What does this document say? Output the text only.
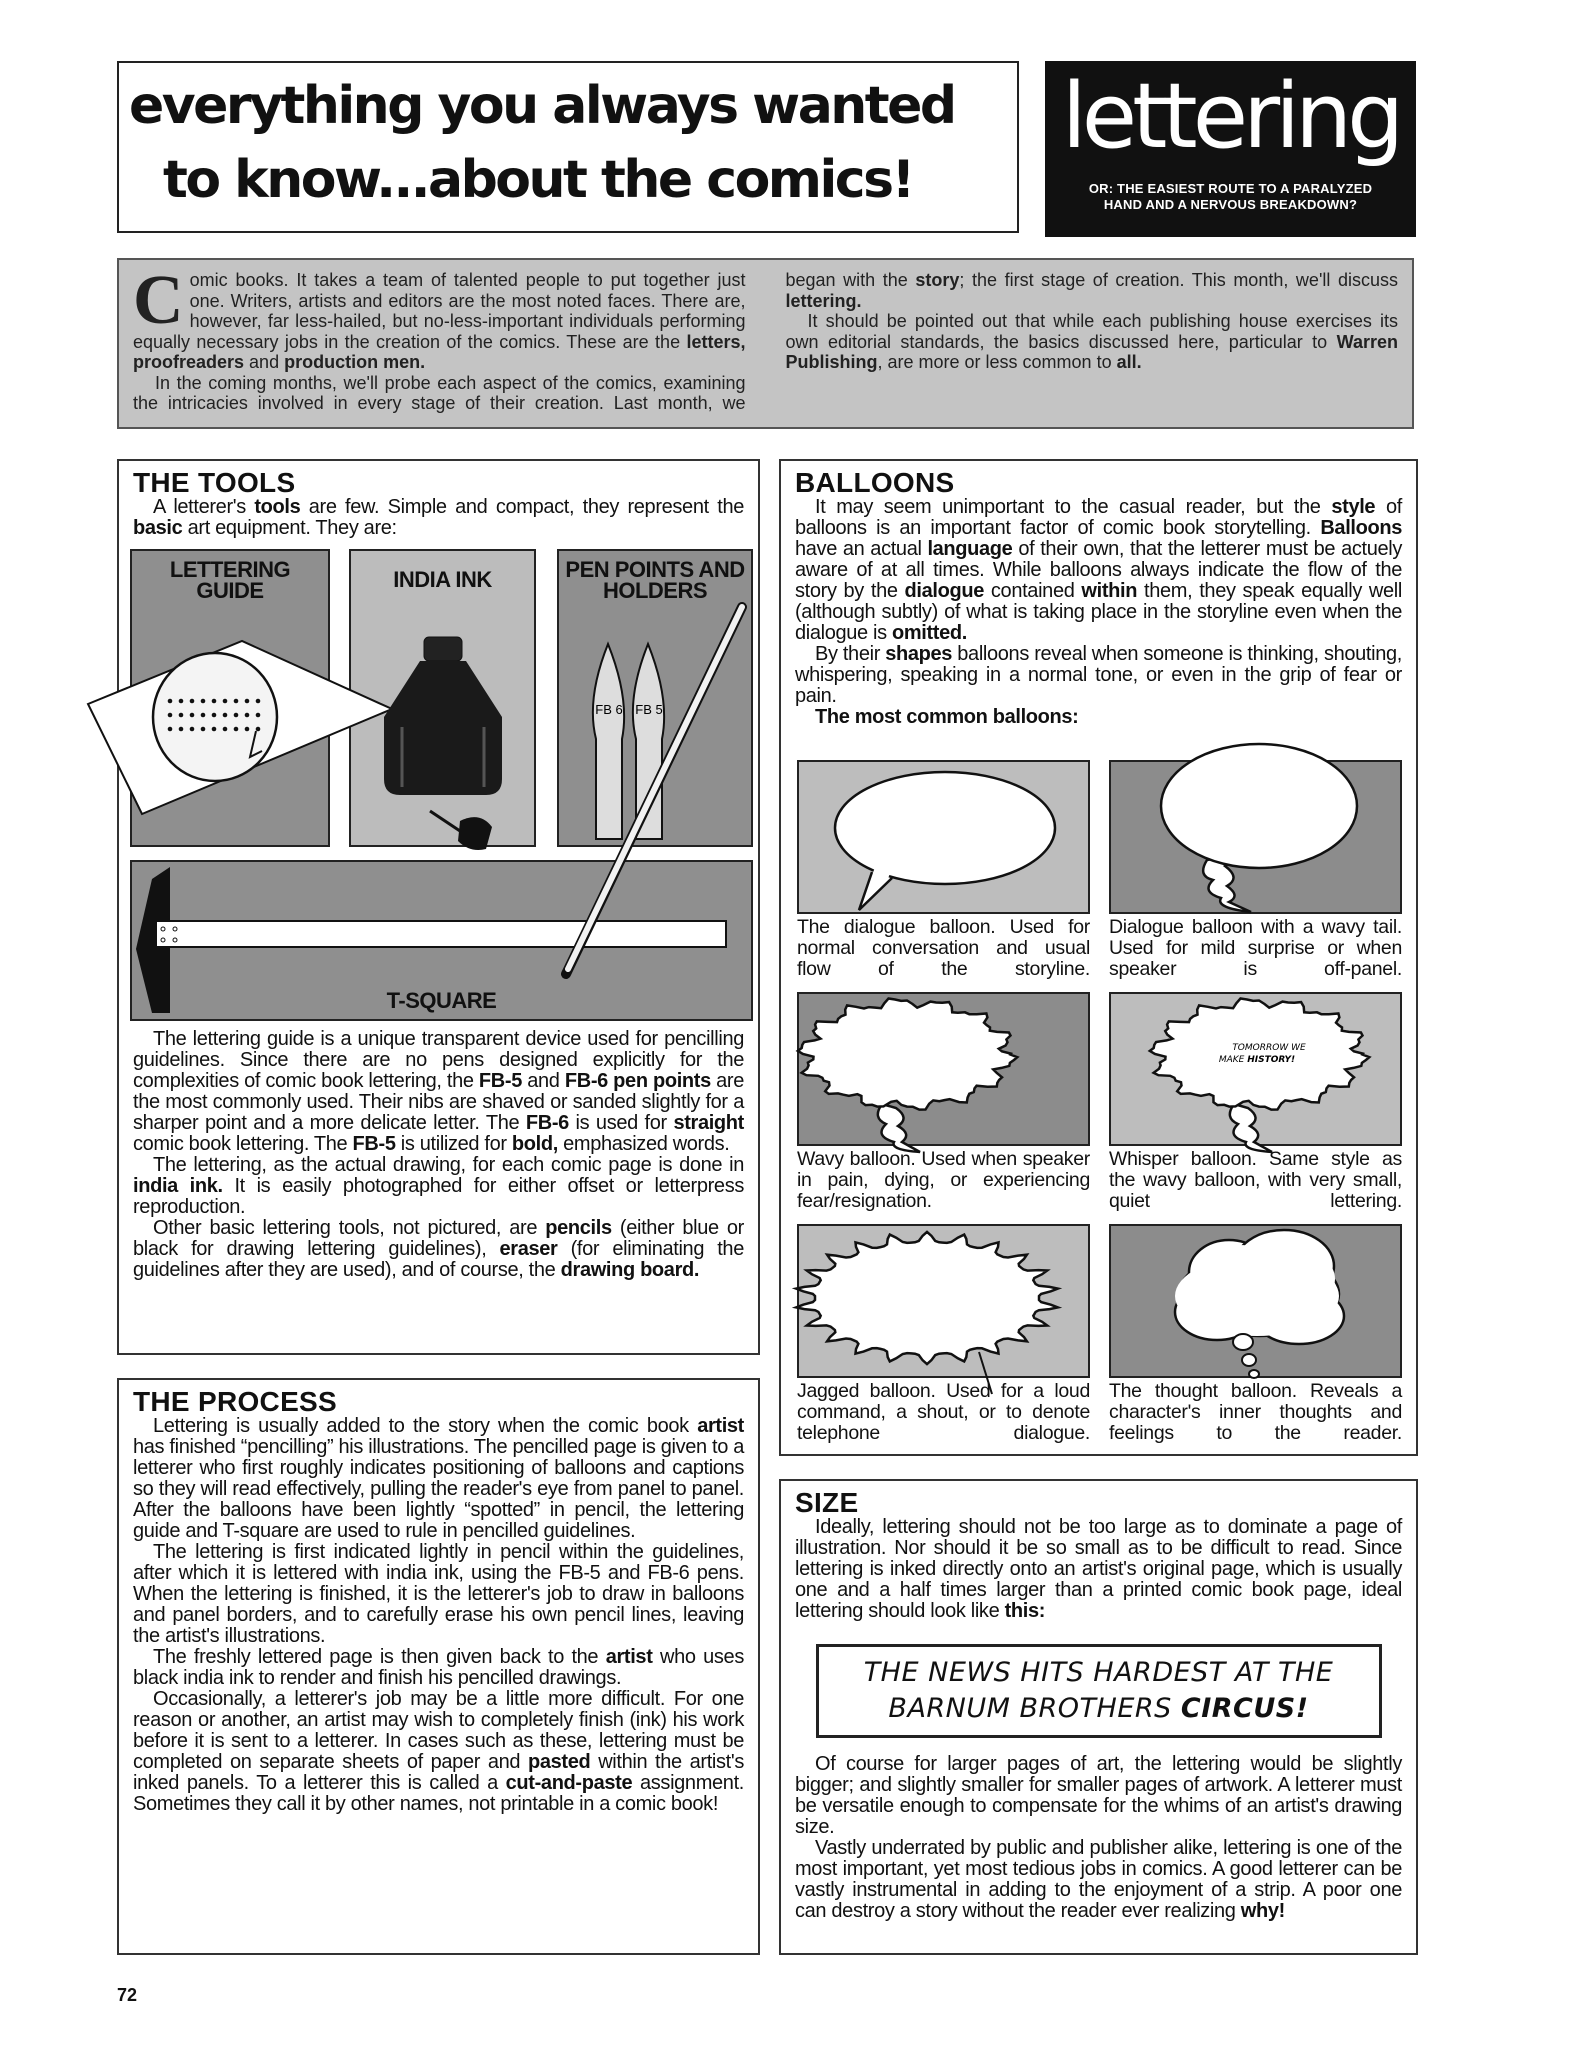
everything you always wanted
to know...about the comics!
lettering
OR: THE EASIEST ROUTE TO A PARALYZED
HAND AND A NERVOUS BREAKDOWN?
C omic books. It takes a team of talented people to put together just one. Writers, artists and editors are the most noted faces. There are, however, far less-hailed, but no-less-important individuals performing equally necessary jobs in the creation of the comics. These are the letters, proofreaders and production men.

In the coming months, we'll probe each aspect of the comics, examining the intricacies involved in every stage of their creation. Last month, we began with the story; the first stage of creation. This month, we'll discuss lettering.

It should be pointed out that while each publishing house exercises its own editorial standards, the basics discussed here, particular to Warren Publishing, are more or less common to all.

THE TOOLS

A letterer's tools are few. Simple and compact, they represent the basic art equipment. They are:

LETTERING GUIDE	INDIA INK	PEN POINTS AND HOLDERS
T-SQUARE
FB 6 FB 5

The lettering guide is a unique transparent device used for pencilling guidelines. Since there are no pens designed explicitly for the complexities of comic book lettering, the FB-5 and FB-6 pen points are the most commonly used. Their nibs are shaved or sanded slightly for a sharper point and a more delicate letter. The FB-6 is used for straight comic book lettering. The FB-5 is utilized for bold, emphasized words.

The lettering, as the actual drawing, for each comic page is done in india ink. It is easily photographed for either offset or letterpress reproduction.

Other basic lettering tools, not pictured, are pencils (either blue or black for drawing lettering guidelines), eraser (for eliminating the guidelines after they are used), and of course, the drawing board.

THE PROCESS

Lettering is usually added to the story when the comic book artist has finished “pencilling” his illustrations. The pencilled page is given to a letterer who first roughly indicates positioning of balloons and captions so they will read effectively, pulling the reader's eye from panel to panel. After the balloons have been lightly “spotted” in pencil, the lettering guide and T-square are used to rule in pencilled guidelines.

The lettering is first indicated lightly in pencil within the guidelines, after which it is lettered with india ink, using the FB-5 and FB-6 pens. When the lettering is finished, it is the letterer's job to draw in balloons and panel borders, and to carefully erase his own pencil lines, leaving the artist's illustrations.

The freshly lettered page is then given back to the artist who uses black india ink to render and finish his pencilled drawings.

Occasionally, a letterer's job may be a little more difficult. For one reason or another, an artist may wish to completely finish (ink) his work before it is sent to a letterer. In cases such as these, lettering must be completed on separate sheets of paper and pasted within the artist's inked panels. To a letterer this is called a cut-and-paste assignment. Sometimes they call it by other names, not printable in a comic book!

BALLOONS

It may seem unimportant to the casual reader, but the style of balloons is an important factor of comic book storytelling. Balloons have an actual language of their own, that the letterer must be actuely aware of at all times. While balloons always indicate the flow of the story by the dialogue contained within them, they speak equally well (although subtly) of what is taking place in the storyline even when the dialogue is omitted.

By their shapes balloons reveal when someone is thinking, shouting, whispering, speaking in a normal tone, or even in the grip of fear or pain.

The most common balloons:

The dialogue balloon. Used for normal conversation and usual flow of the storyline.
Dialogue balloon with a wavy tail. Used for mild surprise or when speaker is off-panel.
Wavy balloon. Used when speaker in pain, dying, or experiencing fear/resignation.
TOMORROW WE
MAKE HISTORY!
Whisper balloon. Same style as the wavy balloon, with very small, quiet lettering.
Jagged balloon. Used for a loud command, a shout, or to denote telephone dialogue.
The thought balloon. Reveals a character's inner thoughts and feelings to the reader.
SIZE

Ideally, lettering should not be too large as to dominate a page of illustration. Nor should it be so small as to be difficult to read. Since lettering is inked directly onto an artist's original page, which is usually one and a half times larger than a printed comic book page, ideal lettering should look like this:

THE NEWS HITS HARDEST AT THE
BARNUM BROTHERS CIRCUS!

Of course for larger pages of art, the lettering would be slightly bigger; and slightly smaller for smaller pages of artwork. A letterer must be versatile enough to compensate for the whims of an artist's drawing size.

Vastly underrated by public and publisher alike, lettering is one of the most important, yet most tedious jobs in comics. A good letterer can be vastly instrumental in adding to the enjoyment of a strip. A poor one can destroy a story without the reader ever realizing why!

72
